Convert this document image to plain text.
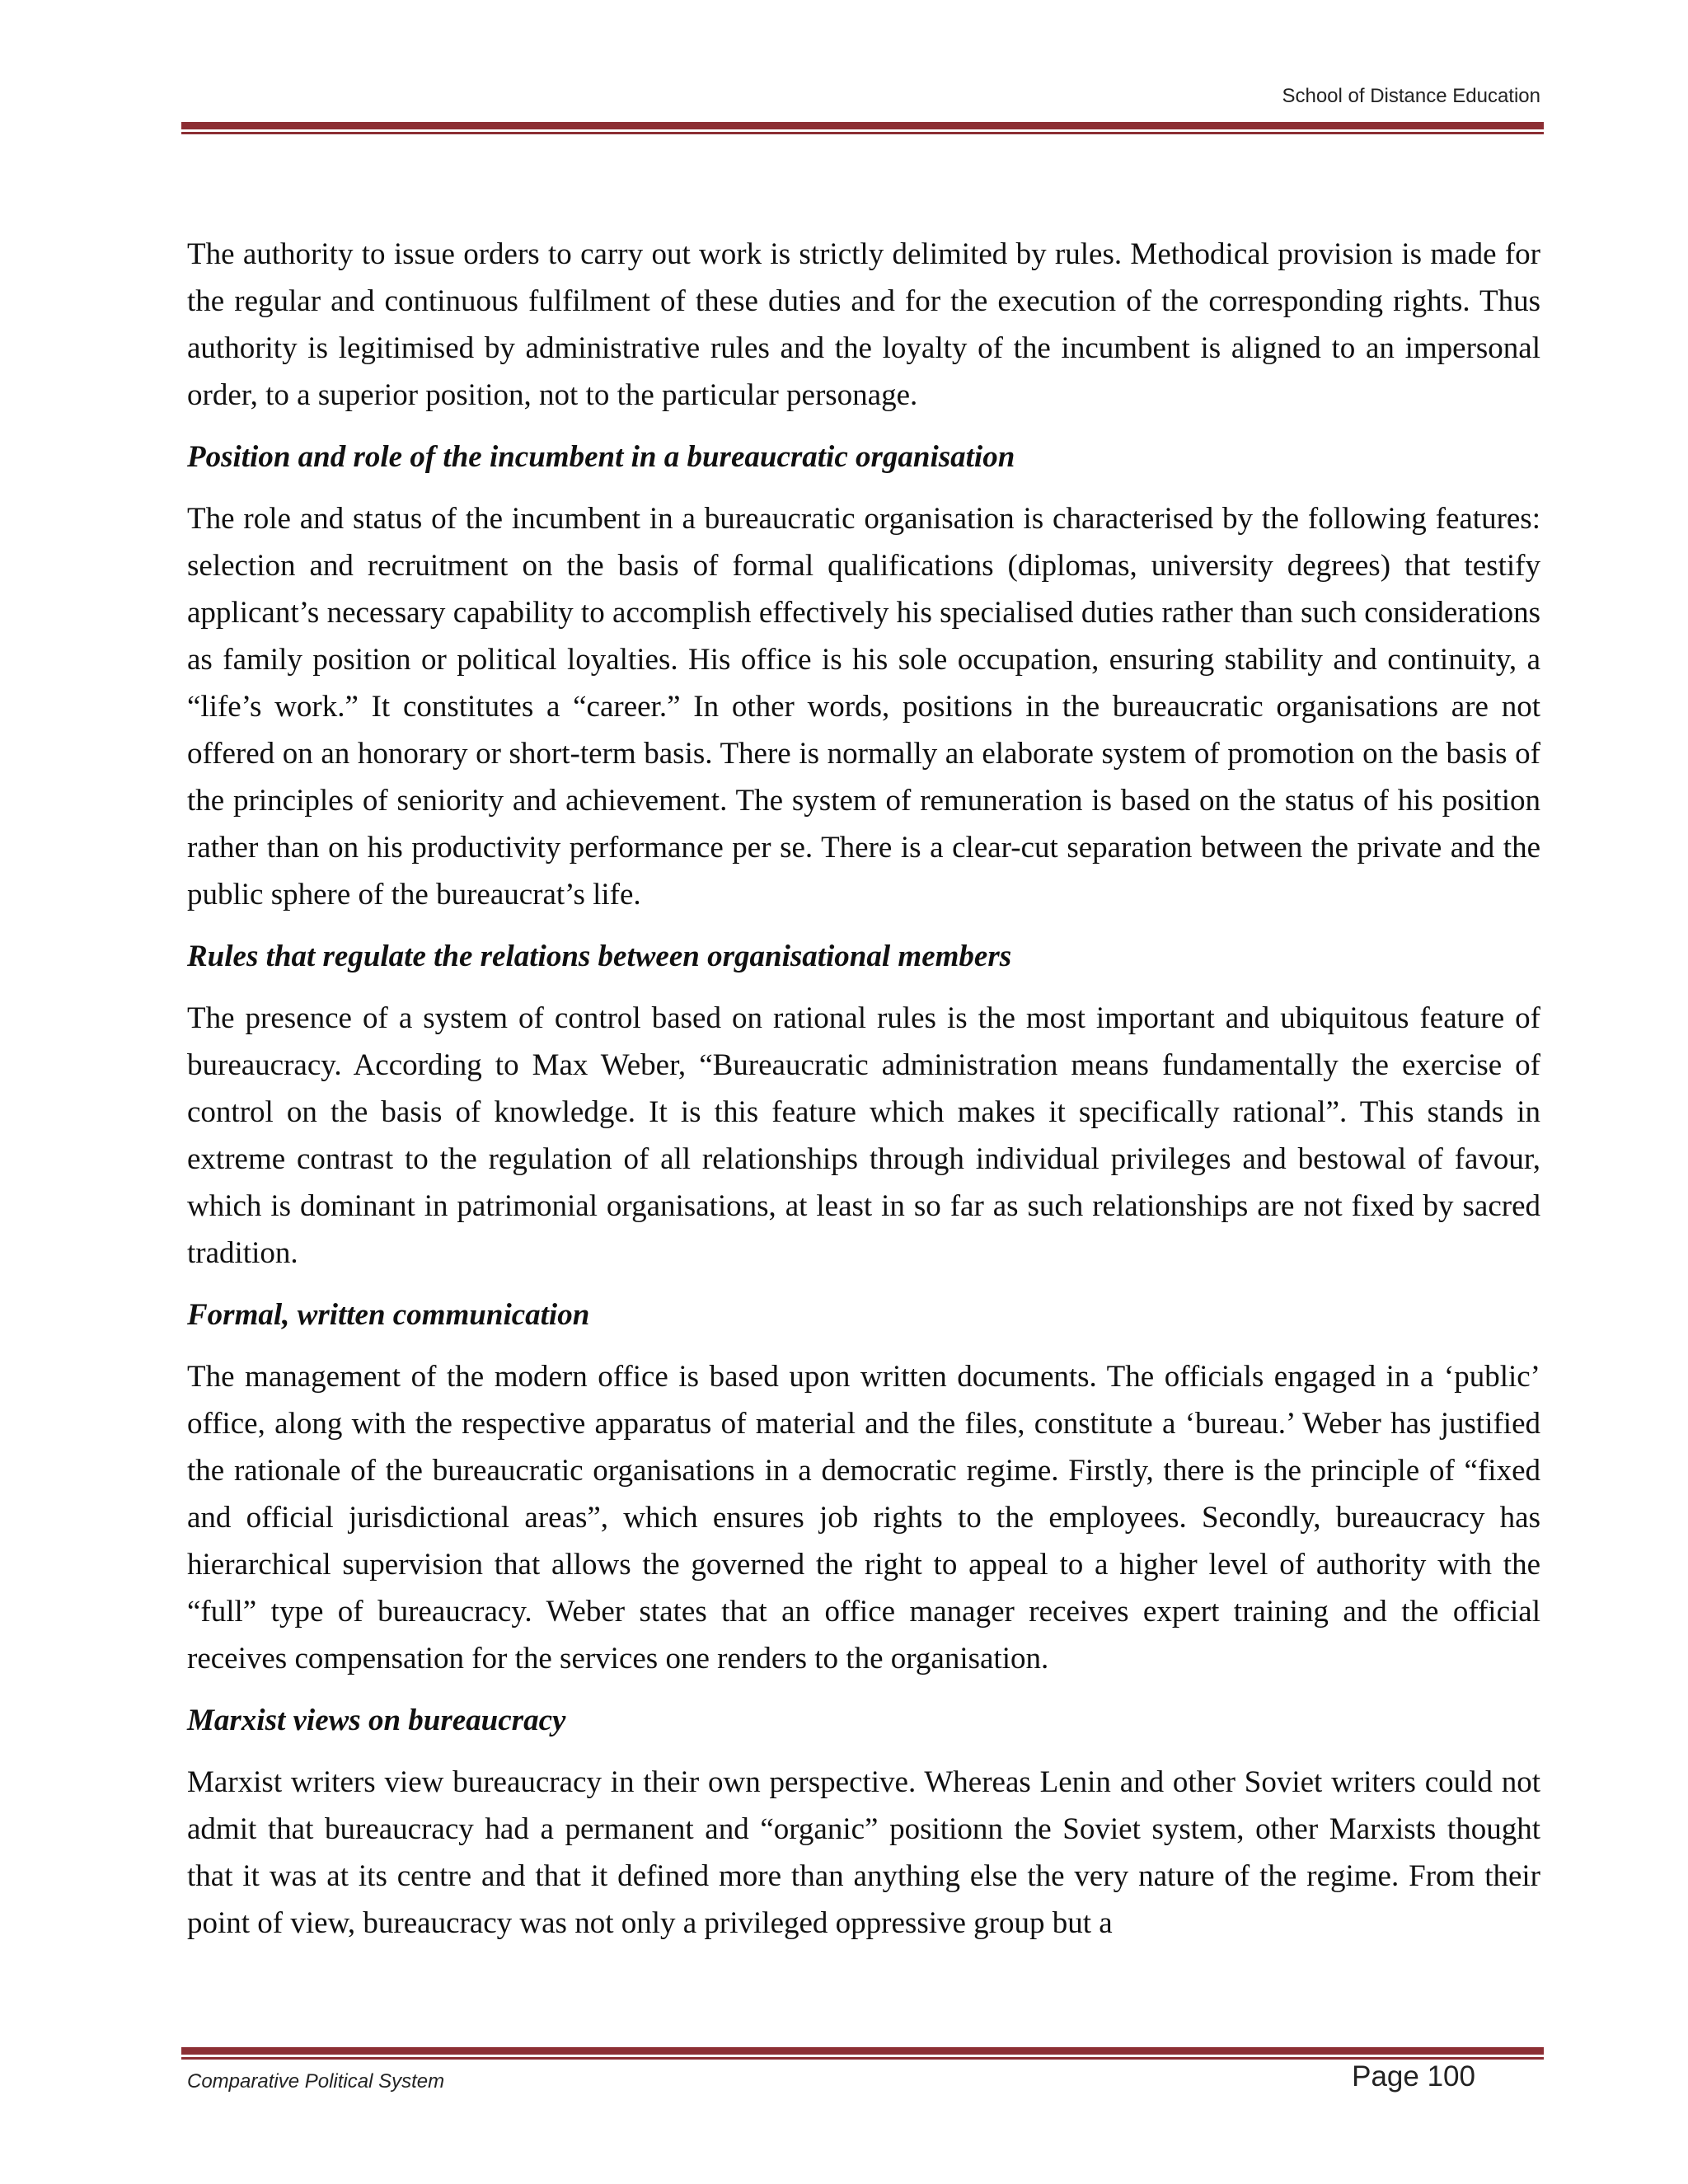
School of Distance Education

The authority to issue orders to carry out work is strictly delimited by rules. Methodical provision is made for the regular and continuous fulfilment of these duties and for the execution of the corresponding rights. Thus authority is legitimised by administrative rules and the loyalty of the incumbent is aligned to an impersonal order, to a superior position, not to the particular personage.

Position and role of the incumbent in a bureaucratic organisation

The role and status of the incumbent in a bureaucratic organisation is characterised by the following features: selection and recruitment on the basis of formal qualifications (diplomas, university degrees) that testify applicant’s necessary capability to accomplish effectively his specialised duties rather than such considerations as family position or political loyalties. His office is his sole occupation, ensuring stability and continuity, a “life’s work.” It constitutes a “career.” In other words, positions in the bureaucratic organisations are not offered on an honorary or short-term basis. There is normally an elaborate system of promotion on the basis of the principles of seniority and achievement. The system of remuneration is based on the status of his position rather than on his productivity performance per se. There is a clear-cut separation between the private and the public sphere of the bureaucrat’s life.

Rules that regulate the relations between organisational members

The presence of a system of control based on rational rules is the most important and ubiquitous feature of bureaucracy. According to Max Weber, “Bureaucratic administration means fundamentally the exercise of control on the basis of knowledge. It is this feature which makes it specifically rational”. This stands in extreme contrast to the regulation of all relationships through individual privileges and bestowal of favour, which is dominant in patrimonial organisations, at least in so far as such relationships are not fixed by sacred tradition.

Formal, written communication

The management of the modern office is based upon written documents. The officials engaged in a ‘public’ office, along with the respective apparatus of material and the files, constitute a ‘bureau.’ Weber has justified the rationale of the bureaucratic organisations in a democratic regime. Firstly, there is the principle of “fixed and official jurisdictional areas”, which ensures job rights to the employees. Secondly, bureaucracy has hierarchical supervision that allows the governed the right to appeal to a higher level of authority with the “full” type of bureaucracy. Weber states that an office manager receives expert training and the official receives compensation for the services one renders to the organisation.

Marxist views on bureaucracy

Marxist writers view bureaucracy in their own perspective. Whereas Lenin and other Soviet writers could not admit that bureaucracy had a permanent and “organic” positionn the Soviet system, other Marxists thought that it was at its centre and that it defined more than anything else the very nature of the regime. From their point of view, bureaucracy was not only a privileged oppressive group but a

Comparative Political System	Page 100
